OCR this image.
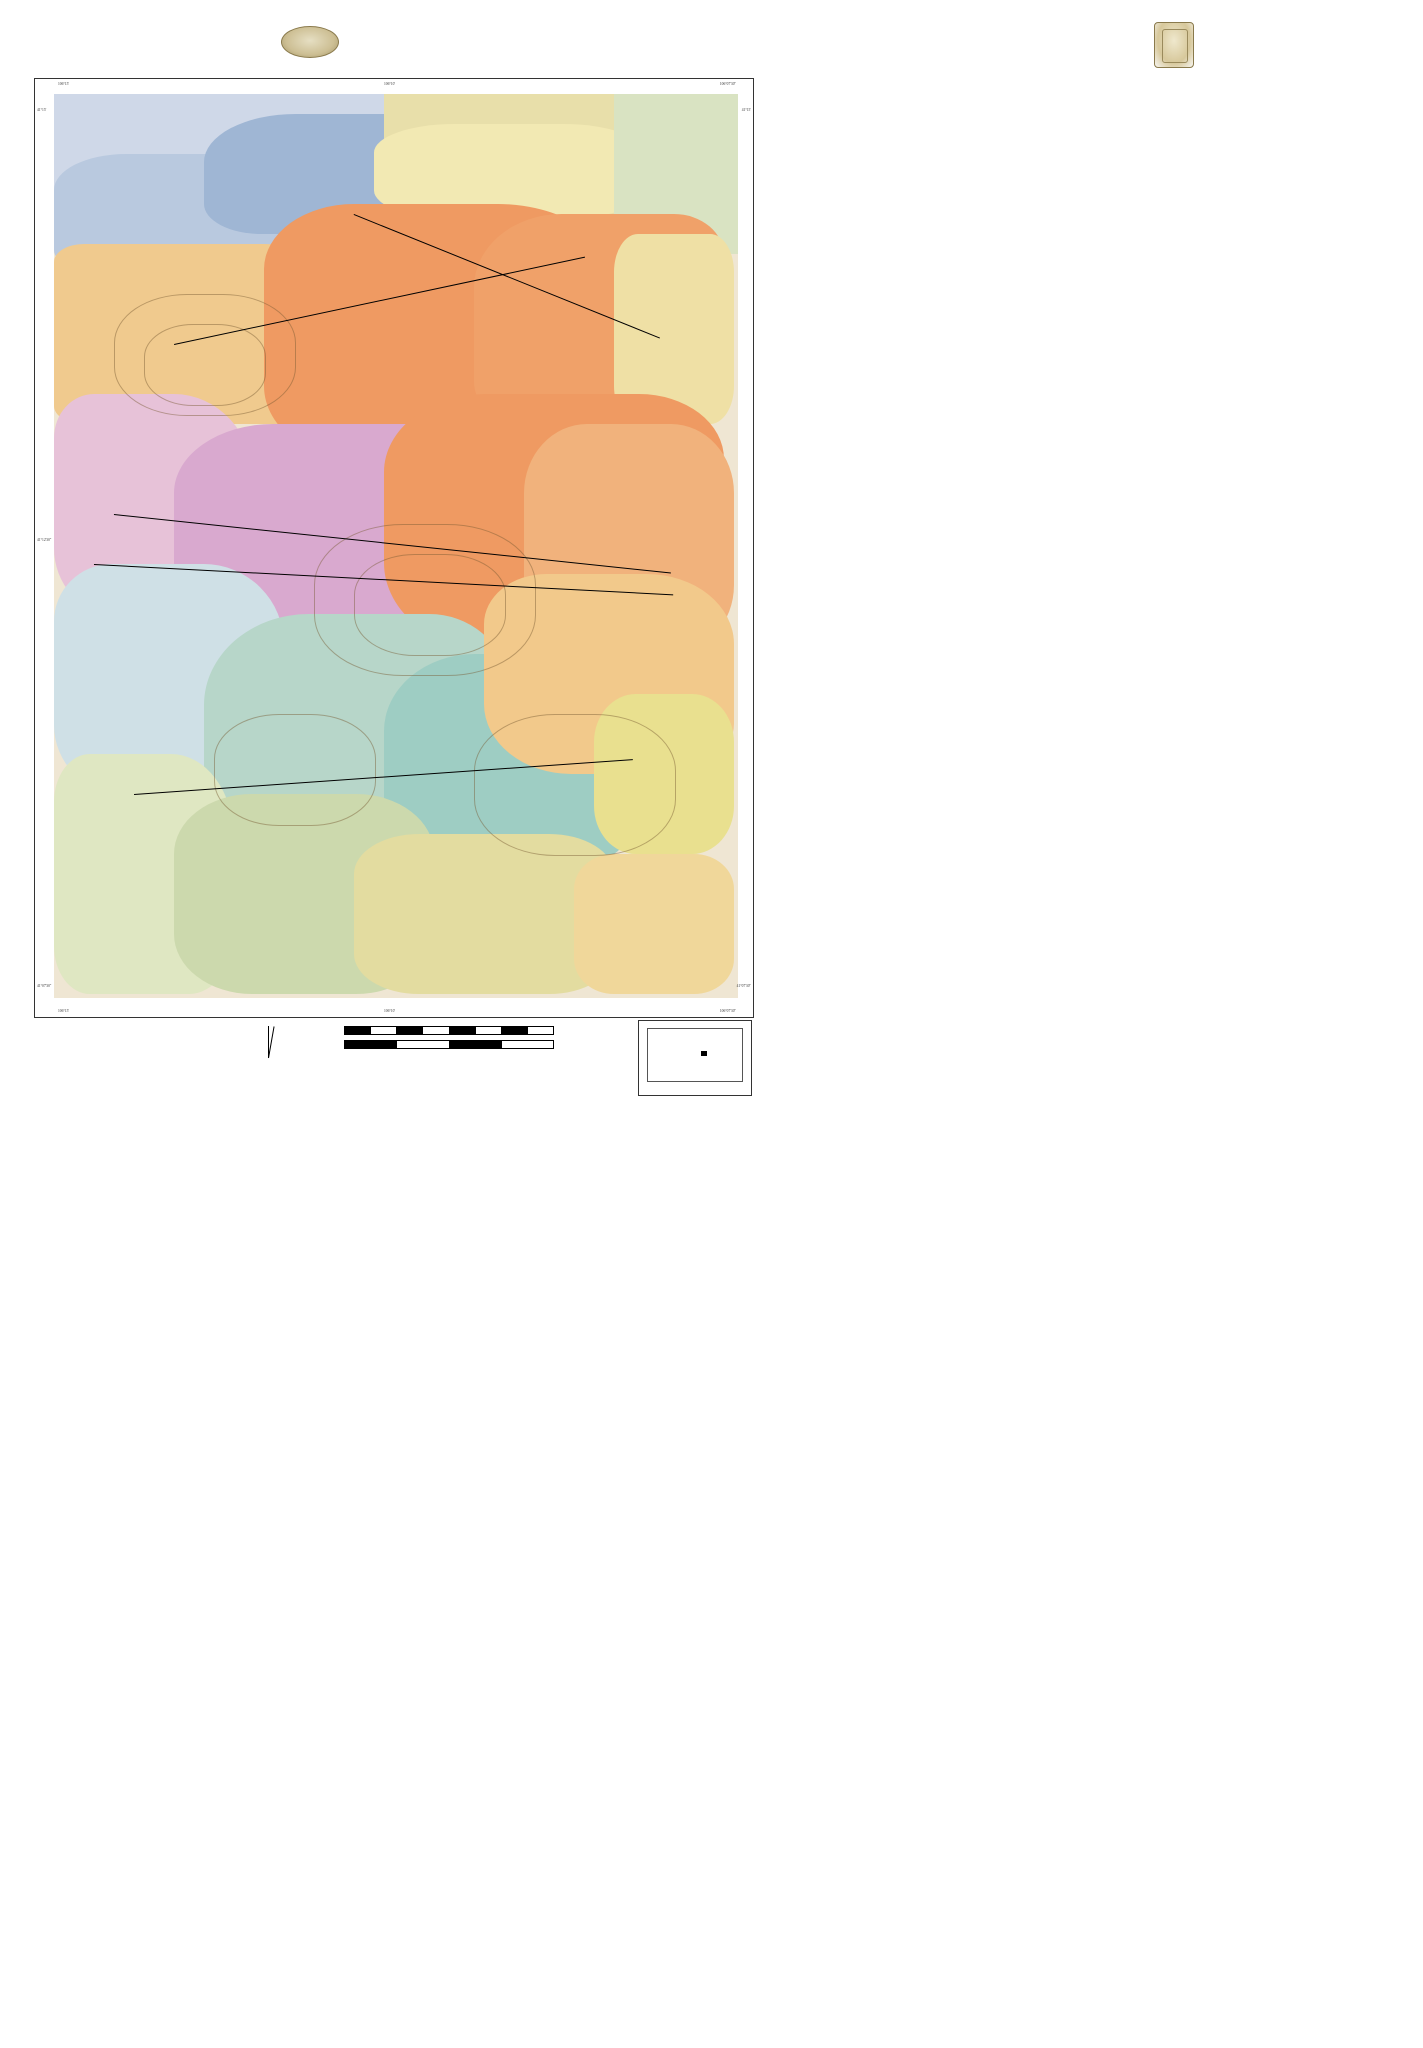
106°15'	106°10'	106°07'30"
106°15'	106°10'	106°07'30"
41°15'
41°12'30"
41°07'30"
41°15'
41°07'30"
